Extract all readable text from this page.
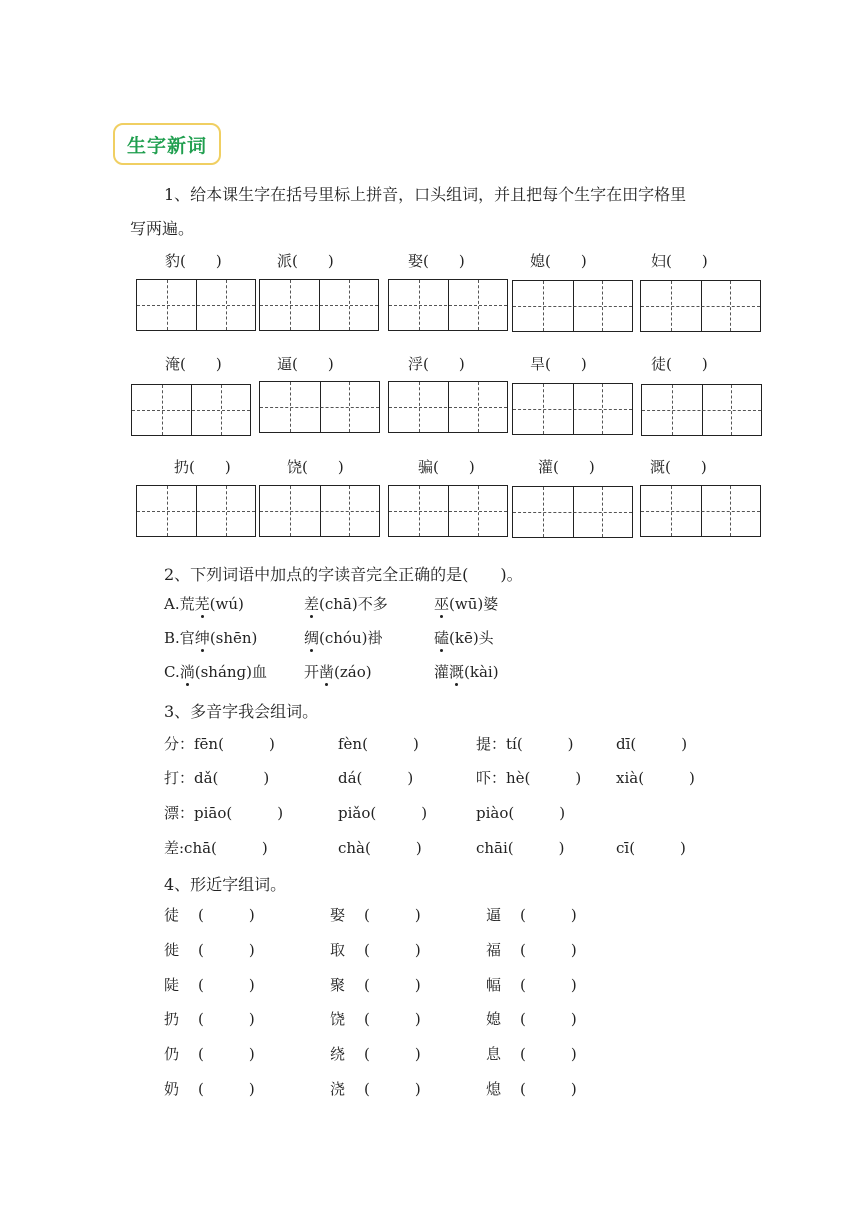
生字新词
1、给本课生字在括号里标上拼音，口头组词，并且把每个生字在田字格里
写两遍。
豹(　　)	派(　　)	娶(　　)	媳(　　)	妇(　　)
淹(　　)	逼(　　)	浮(　　)	旱(　　)	徒(　　)
扔(　　)	饶(　　)	骗(　　)	灌(　　)	溉(　　)
2、下列词语中加点的字读音完全正确的是(　　)。
A.荒芜(wú)	差(chā)不多	巫(wū)婆
B.官绅(shēn)	绸(chóu)褂	磕(kē)头
C.淌(shánɡ)血 开凿(záo)	灌溉(kài)
3、多音字我会组词。
分：fēn(　　　)	fèn(　　　)	提：tí(　　　)	dī(　　　)
打：dǎ(　　　)	dá(　　　)	吓：hè(　　　) xià(　　　)
漂：piāo(　　　)	piǎo(　　　)	piào(　　　)
差:chā(　　　)	chà(　　　)	chāi(　　　)	cī(　　　)
4、形近字组词。
徒 (　　　)	娶 (　　　)	逼 (　　　)
徙 (　　　)	取 (　　　)	福 (　　　)
陡 (　　　)	聚 (　　　)	幅 (　　　)
扔 (　　　)	饶 (　　　)	媳 (　　　)
仍 (　　　)	绕 (　　　)	息 (　　　)
奶 (　　　)	浇 (　　　)	熄 (　　　)
